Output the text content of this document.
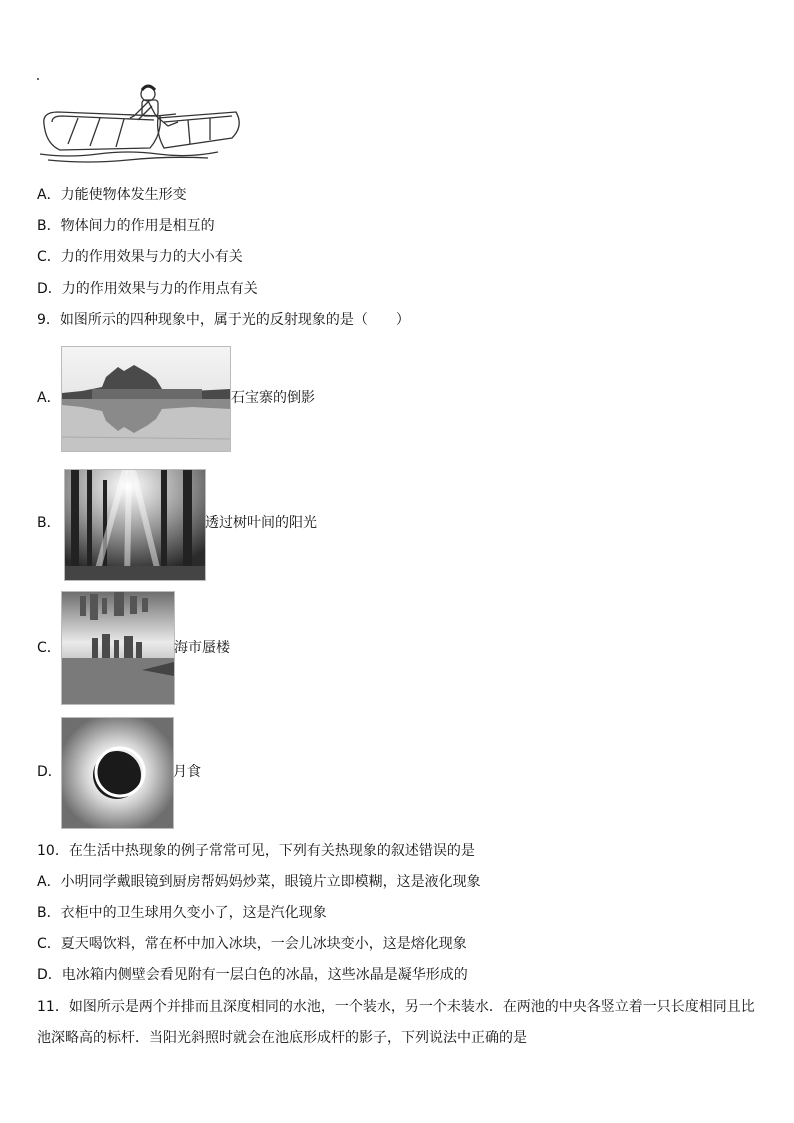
A．力能使物体发生形变
B．物体间力的作用是相互的
C．力的作用效果与力的大小有关
D．力的作用效果与力的作用点有关
9．如图所示的四种现象中，属于光的反射现象的是（　　）
A．	石宝寨的倒影
B．	透过树叶间的阳光
C．	海市蜃楼
D．	月食
10．在生活中热现象的例子常常可见，下列有关热现象的叙述错误的是
A．小明同学戴眼镜到厨房帮妈妈炒菜，眼镜片立即模糊，这是液化现象
B．衣柜中的卫生球用久变小了，这是汽化现象
C．夏天喝饮料，常在杯中加入冰块，一会儿冰块变小，这是熔化现象
D．电冰箱内侧壁会看见附有一层白色的冰晶，这些冰晶是凝华形成的
11．如图所示是两个并排而且深度相同的水池，一个装水，另一个未装水．在两池的中央各竖立着一只长度相同且比
池深略高的标杆．当阳光斜照时就会在池底形成杆的影子，下列说法中正确的是
